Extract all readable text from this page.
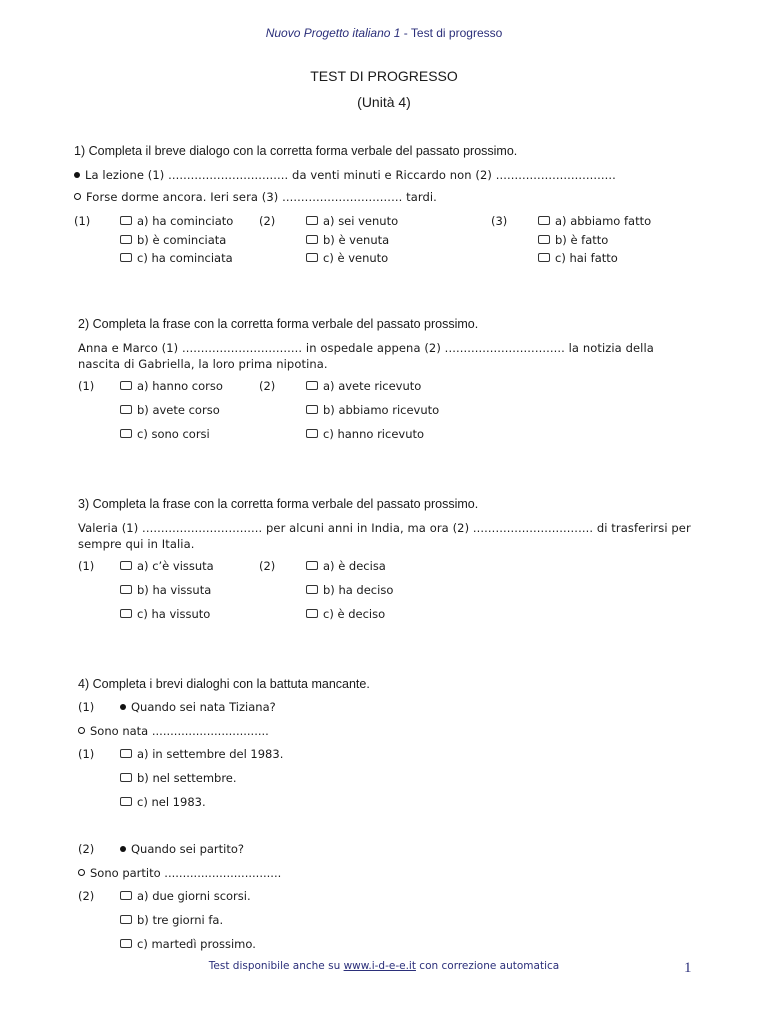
Nuovo Progetto italiano 1 - Test di progresso
TEST DI PROGRESSO
(Unità 4)
1) Completa il breve dialogo con la corretta forma verbale del passato prossimo.
La lezione (1) ................................ da venti minuti e Riccardo non (2) ................................
Forse dorme ancora. Ieri sera (3) ................................ tardi.
(1)	a) ha cominciato
b) è cominciata
c) ha cominciata
(2)	a) sei venuto
b) è venuta
c) è venuto
(3)	a) abbiamo fatto
b) è fatto
c) hai fatto
2) Completa la frase con la corretta forma verbale del passato prossimo.
Anna e Marco (1) ................................ in ospedale appena (2) ................................ la notizia della nascita di Gabriella, la loro prima nipotina.
(1)	a) hanno corso
b) avete corso
c) sono corsi
(2)	a) avete ricevuto
b) abbiamo ricevuto
c) hanno ricevuto
3) Completa la frase con la corretta forma verbale del passato prossimo.
Valeria (1) ................................ per alcuni anni in India, ma ora (2) ................................ di trasferirsi per sempre qui in Italia.
(1)	a) c’è vissuta
b) ha vissuta
c) ha vissuto
(2)	a) è decisa
b) ha deciso
c) è deciso
4) Completa i brevi dialoghi con la battuta mancante.
(1)	Quando sei nata Tiziana?
Sono nata ................................
(1)	a) in settembre del 1983.
b) nel settembre.
c) nel 1983.
(2)	Quando sei partito?
Sono partito ................................
(2)	a) due giorni scorsi.
b) tre giorni fa.
c) martedì prossimo.
Test disponibile anche su www.i-d-e-e.it con correzione automatica	1
